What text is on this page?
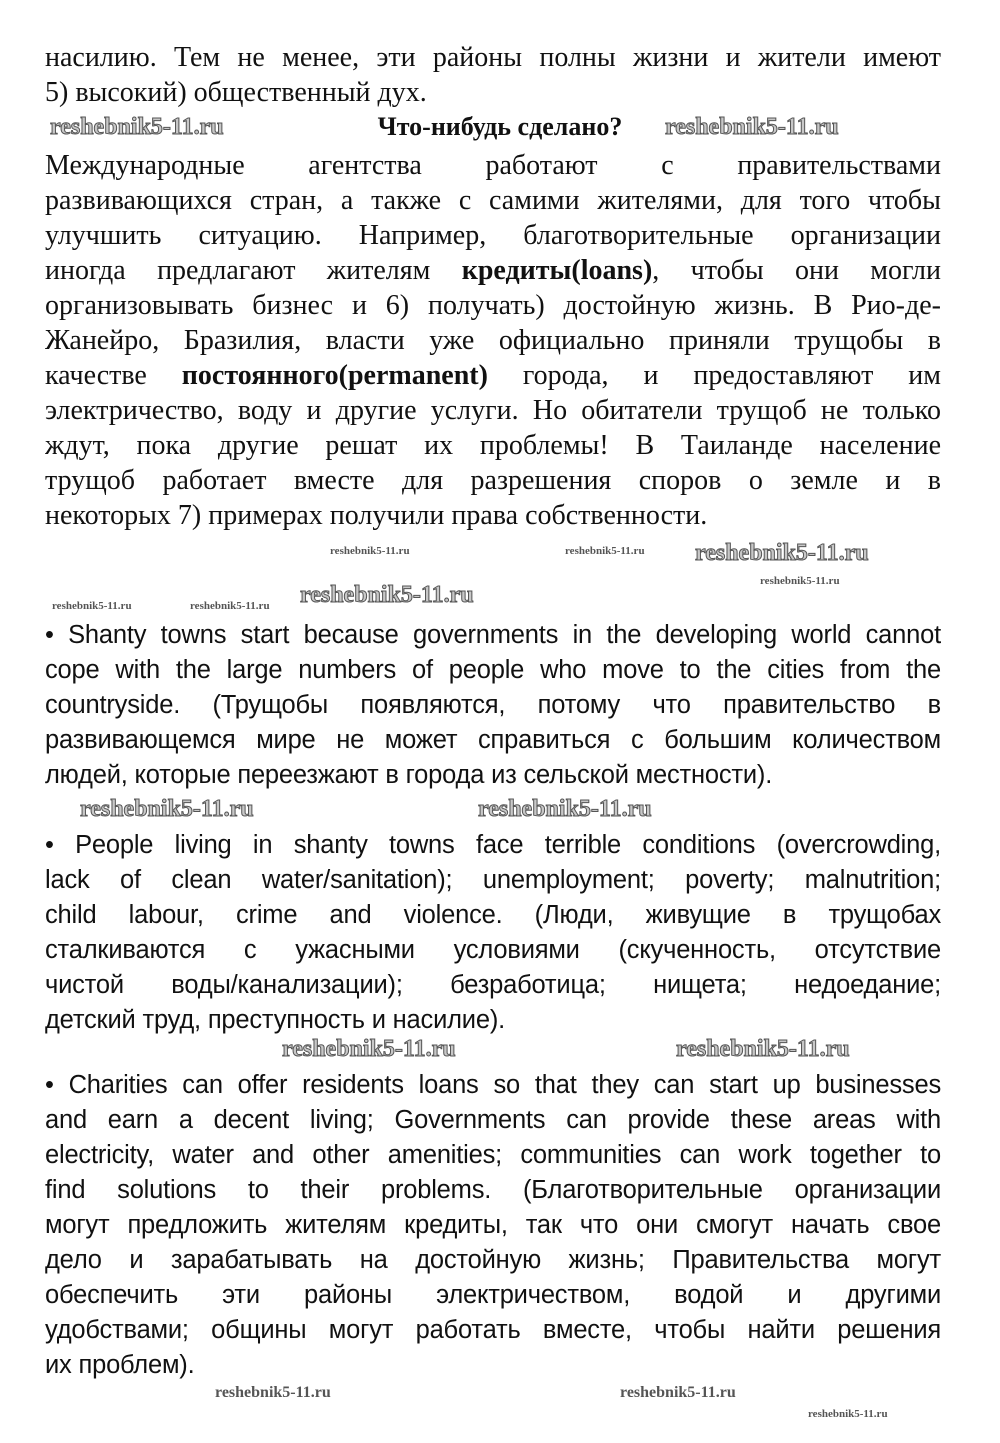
Что-нибудь сделано?
насилию. Тем не менее, эти районы полны жизни и жители имеют
5) высокий) общественный дух.
Международные агентства работают с правительствами
развивающихся стран, а также с самими жителями, для того чтобы
улучшить ситуацию. Например, благотворительные организации
иногда предлагают жителям кредиты(loans), чтобы они могли
организовывать бизнес и 6) получать) достойную жизнь. В Рио-де-
Жанейро, Бразилия, власти уже официально приняли трущобы в
качестве постоянного(permanent) города, и предоставляют им
электричество, воду и другие услуги. Но обитатели трущоб не только
ждут, пока другие решат их проблемы! В Таиланде население
трущоб работает вместе для разрешения споров о земле и в
некоторых 7) примерах получили права собственности.
• Shanty towns start because governments in the developing world cannot
cope with the large numbers of people who move to the cities from the
countryside. (Трущобы появляются, потому что правительство в
развивающемся мире не может справиться с большим количеством
людей, которые переезжают в города из сельской местности).
• People living in shanty towns face terrible conditions (overcrowding,
lack of clean water/sanitation); unemployment; poverty; malnutrition;
child labour, crime and violence. (Люди, живущие в трущобах
сталкиваются с ужасными условиями (скученность, отсутствие
чистой воды/канализации); безработица; нищета; недоедание;
детский труд, преступность и насилие).
• Charities can offer residents loans so that they can start up businesses
and earn a decent living; Governments can provide these areas with
electricity, water and other amenities; communities can work together to
find solutions to their problems. (Благотворительные организации
могут предложить жителям кредиты, так что они смогут начать свое
дело и зарабатывать на достойную жизнь; Правительства могут
обеспечить эти районы электричеством, водой и другими
удобствами; общины могут работать вместе, чтобы найти решения
их проблем).
reshebnik5-11.ru	reshebnik5-11.ru
reshebnik5-11.ru
reshebnik5-11.ru
reshebnik5-11.ru	reshebnik5-11.ru
reshebnik5-11.ru	reshebnik5-11.ru
reshebnik5-11.ru
reshebnik5-11.ru	reshebnik5-11.ru
reshebnik5-11.ru
reshebnik5-11.ru
reshebnik5-11.ru
reshebnik5-11.ru	reshebnik5-11.ru
